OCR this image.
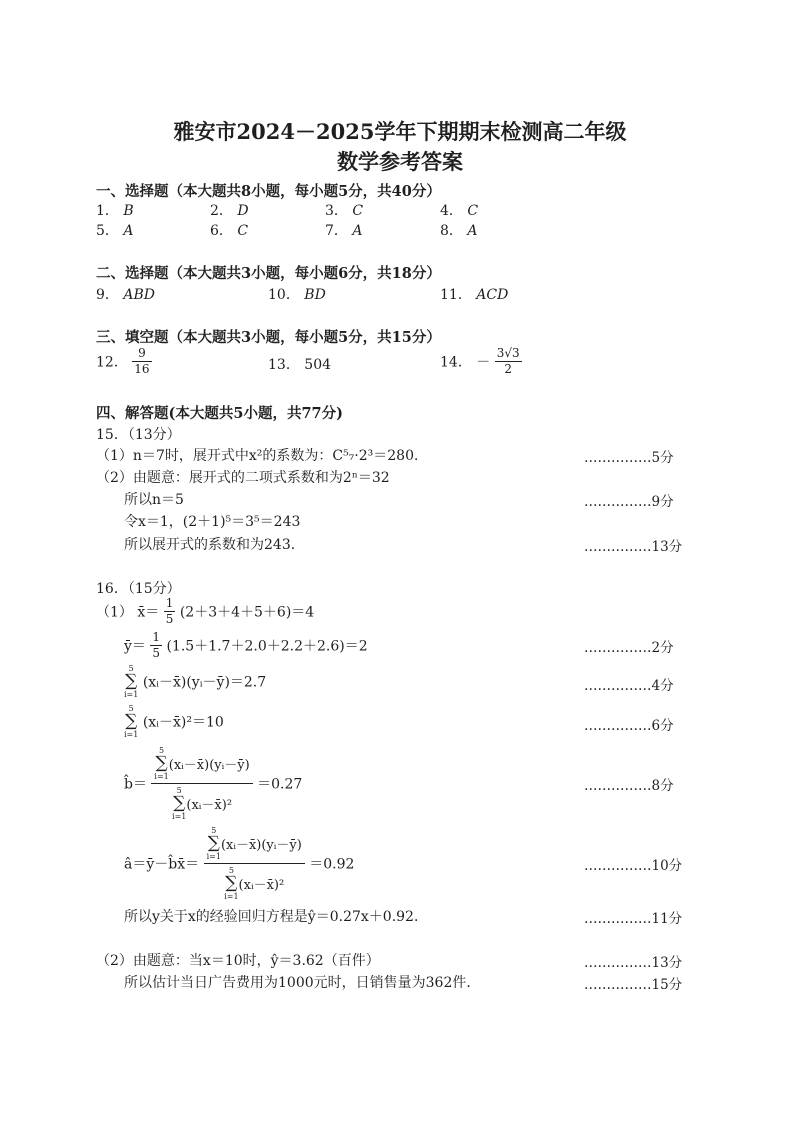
雅安市2024－2025学年下期期末检测高二年级
数学参考答案
一、选择题（本大题共8小题，每小题5分，共40分）
1． B	2． D	3． C	4． C
5． A	6． C	7． A	8． A
二、选择题（本大题共3小题，每小题6分，共18分）
9． ABD	10． BD	11． ACD
三、填空题（本大题共3小题，每小题5分，共15分）
12． $\frac{9}{16}$	13． 504	14． － $\frac{3√3}{2}$
四、解答题(本大题共5小题，共77分)
15．（13分）
（1）n＝7时，展开式中x²的系数为：C⁵₇·2³＝280．	……………5分
（2）由题意：展开式的二项式系数和为2ⁿ＝32
所以n＝5	……………9分
令x＝1，(2＋1)⁵＝3⁵＝243
所以展开式的系数和为243．	……………13分
16．（15分）
（1） x̄＝ $\frac{1}{5} (2+3+4+5+6)=4$
ȳ＝ $\frac{1}{5} (1.5+1.7+2.0+2.2+2.6)=2$	……………2分
5
∑
i=1
(xᵢ－x̄)(yᵢ－ȳ)＝2.7	……………4分
5
∑
i=1
(xᵢ－x̄)²＝10	……………6分
b̂＝ 5
∑
i=1
(xᵢ－x̄)(yᵢ－ȳ)
5
∑
i=1
(xᵢ－x̄)² ＝0.27	……………8分
â＝ȳ－b̂x̄＝ 5
∑
i=1
(xᵢ－x̄)(yᵢ－ȳ)
5
∑
i=1
(xᵢ－x̄)² ＝0.92	……………10分
所以y关于x的经验回归方程是ŷ＝0.27x＋0.92．	……………11分
（2）由题意：当x＝10时，ŷ＝3.62（百件）	……………13分
所以估计当日广告费用为1000元时，日销售量为362件．	……………15分
